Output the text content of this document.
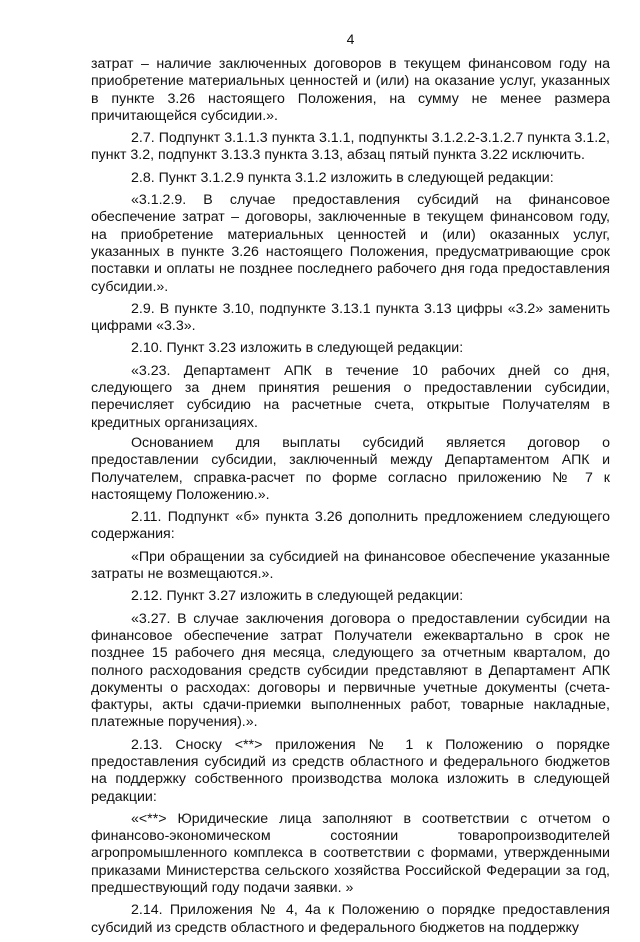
4

затрат – наличие заключенных договоров в текущем финансовом году на приобретение материальных ценностей и (или) на оказание услуг, указанных в пункте 3.26 настоящего Положения, на сумму не менее размера причитающейся субсидии.».

2.7. Подпункт 3.1.1.3 пункта 3.1.1, подпункты 3.1.2.2-3.1.2.7 пункта 3.1.2, пункт 3.2, подпункт 3.13.3 пункта 3.13, абзац пятый пункта 3.22 исключить.

2.8. Пункт 3.1.2.9 пункта 3.1.2 изложить в следующей редакции:

«3.1.2.9. В случае предоставления субсидий на финансовое обеспечение затрат – договоры, заключенные в текущем финансовом году, на приобретение материальных ценностей и (или) оказанных услуг, указанных в пункте 3.26 настоящего Положения, предусматривающие срок поставки и оплаты не позднее последнего рабочего дня года предоставления субсидии.».

2.9. В пункте 3.10, подпункте 3.13.1 пункта 3.13 цифры «3.2» заменить цифрами «3.3».

2.10. Пункт 3.23 изложить в следующей редакции:

«3.23. Департамент АПК в течение 10 рабочих дней со дня, следующего за днем принятия решения о предоставлении субсидии, перечисляет субсидию на расчетные счета, открытые Получателям в кредитных организациях.

Основанием для выплаты субсидий является договор о предоставлении субсидии, заключенный между Департаментом АПК и Получателем, справка-расчет по форме согласно приложению № 7 к настоящему Положению.».

2.11. Подпункт «б» пункта 3.26 дополнить предложением следующего содержания:

«При обращении за субсидией на финансовое обеспечение указанные затраты не возмещаются.».

2.12. Пункт 3.27 изложить в следующей редакции:

«3.27. В случае заключения договора о предоставлении субсидии на финансовое обеспечение затрат Получатели ежеквартально в срок не позднее 15 рабочего дня месяца, следующего за отчетным кварталом, до полного расходования средств субсидии представляют в Департамент АПК документы о расходах: договоры и первичные учетные документы (счета-фактуры, акты сдачи-приемки выполненных работ, товарные накладные, платежные поручения).».

2.13. Сноску <**> приложения № 1 к Положению о порядке предоставления субсидий из средств областного и федерального бюджетов на поддержку собственного производства молока изложить в следующей редакции:

«<**> Юридические лица заполняют в соответствии с отчетом о финансово-экономическом состоянии товаропроизводителей агропромышленного комплекса в соответствии с формами, утвержденными приказами Министерства сельского хозяйства Российской Федерации за год, предшествующий году подачи заявки. »

2.14. Приложения № 4, 4а к Положению о порядке предоставления субсидий из средств областного и федерального бюджетов на поддержку
